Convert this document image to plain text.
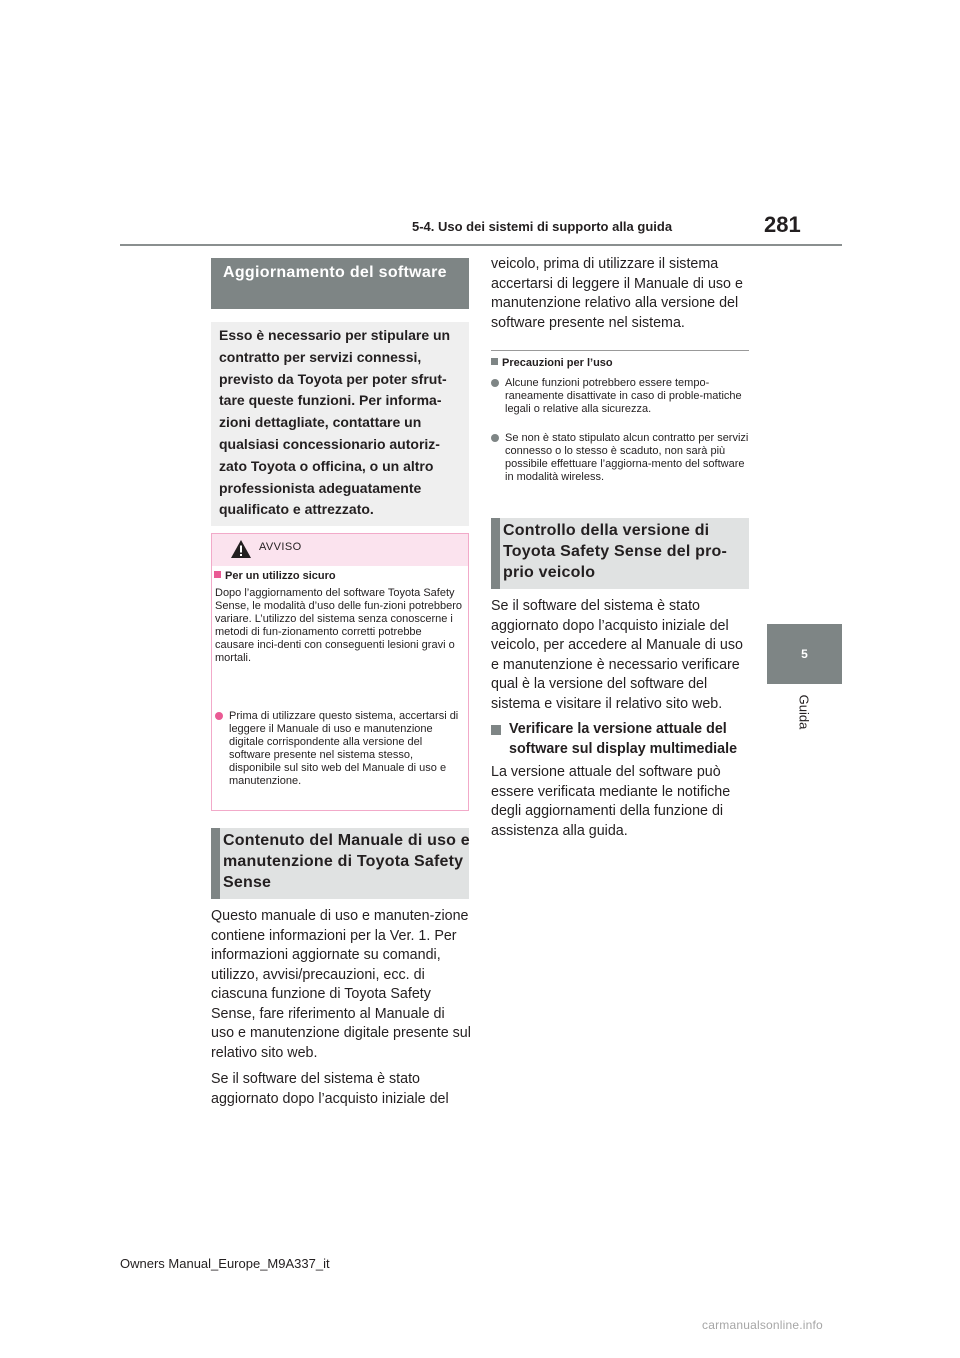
5-4. Uso dei sistemi di supporto alla guida	281
5
Guida
Aggiornamento del software

Esso è necessario per stipulare un contratto per servizi connessi, previsto da Toyota per poter sfrut-tare queste funzioni. Per informa-zioni dettagliate, contattare un qualsiasi concessionario autoriz-zato Toyota o officina, o un altro professionista adeguatamente qualificato e attrezzato.

AVVISO
Per un utilizzo sicuro
Dopo l’aggiornamento del software Toyota Safety Sense, le modalità d’uso delle fun-zioni potrebbero variare. L’utilizzo del sistema senza conoscerne i metodi di fun-zionamento corretti potrebbe causare inci-denti con conseguenti lesioni gravi o mortali.
Prima di utilizzare questo sistema, accertarsi di leggere il Manuale di uso e manutenzione digitale corrispondente alla versione del software presente nel sistema stesso, disponibile sul sito web del Manuale di uso e manutenzione.
Contenuto del Manuale di uso e manutenzione di Toyota Safety Sense

Questo manuale di uso e manuten-zione contiene informazioni per la Ver. 1. Per informazioni aggiornate su comandi, utilizzo, avvisi/precauzioni, ecc. di ciascuna funzione di Toyota Safety Sense, fare riferimento al Manuale di uso e manutenzione digitale presente sul relativo sito web.

Se il software del sistema è stato aggiornato dopo l’acquisto iniziale del

veicolo, prima di utilizzare il sistema accertarsi di leggere il Manuale di uso e manutenzione relativo alla versione del software presente nel sistema.

Precauzioni per l’uso
Alcune funzioni potrebbero essere tempo-raneamente disattivate in caso di proble-matiche legali o relative alla sicurezza.
Se non è stato stipulato alcun contratto per servizi connesso o lo stesso è scaduto, non sarà più possibile effettuare l’aggiorna-mento del software in modalità wireless.
Controllo della versione di Toyota Safety Sense del pro-prio veicolo

Se il software del sistema è stato aggiornato dopo l’acquisto iniziale del veicolo, per accedere al Manuale di uso e manutenzione è necessario verificare qual è la versione del software del sistema e visitare il relativo sito web.

Verificare la versione attuale del software sul display multimediale

La versione attuale del software può essere verificata mediante le notifiche degli aggiornamenti della funzione di assistenza alla guida.

Owners Manual_Europe_M9A337_it
carmanualsonline.info
